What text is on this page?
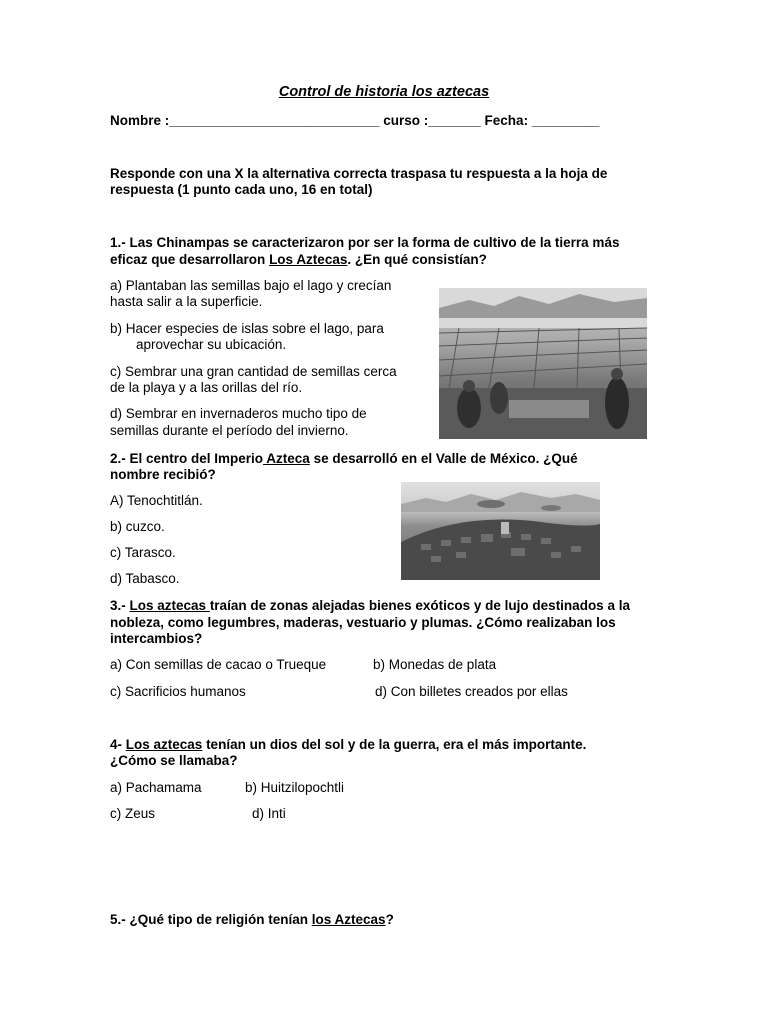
Control de historia los aztecas
Nombre :____________________________ curso :_______ Fecha: _________
Responde con una X la alternativa correcta traspasa tu respuesta a la hoja de
respuesta (1 punto cada uno, 16 en total)
1.- Las Chinampas se caracterizaron por ser la forma de cultivo de la tierra más
eficaz que desarrollaron Los Aztecas. ¿En qué consistían?
a) Plantaban las semillas bajo el lago y crecían
hasta salir a la superficie.
b) Hacer especies de islas sobre el lago, para
aprovechar su ubicación.
c) Sembrar una gran cantidad de semillas cerca
de la playa y a las orillas del río.
d) Sembrar en invernaderos mucho tipo de
semillas durante el período del invierno.
2.- El centro del Imperio Azteca se desarrolló en el Valle de México. ¿Qué
nombre recibió?
A) Tenochtitlán.
b) cuzco.
c) Tarasco.
d) Tabasco.
3.- Los aztecas traían de zonas alejadas bienes exóticos y de lujo destinados a la
nobleza, como legumbres, maderas, vestuario y plumas. ¿Cómo realizaban los
intercambios?
a) Con semillas de cacao o Trueque	b) Monedas de plata
c) Sacrificios humanos	d) Con billetes creados por ellas
4- Los aztecas tenían un dios del sol y de la guerra, era el más importante.
¿Cómo se llamaba?
a) Pachamama	b) Huitzilopochtli
c) Zeus	d) Inti
5.- ¿Qué tipo de religión tenían los Aztecas?
